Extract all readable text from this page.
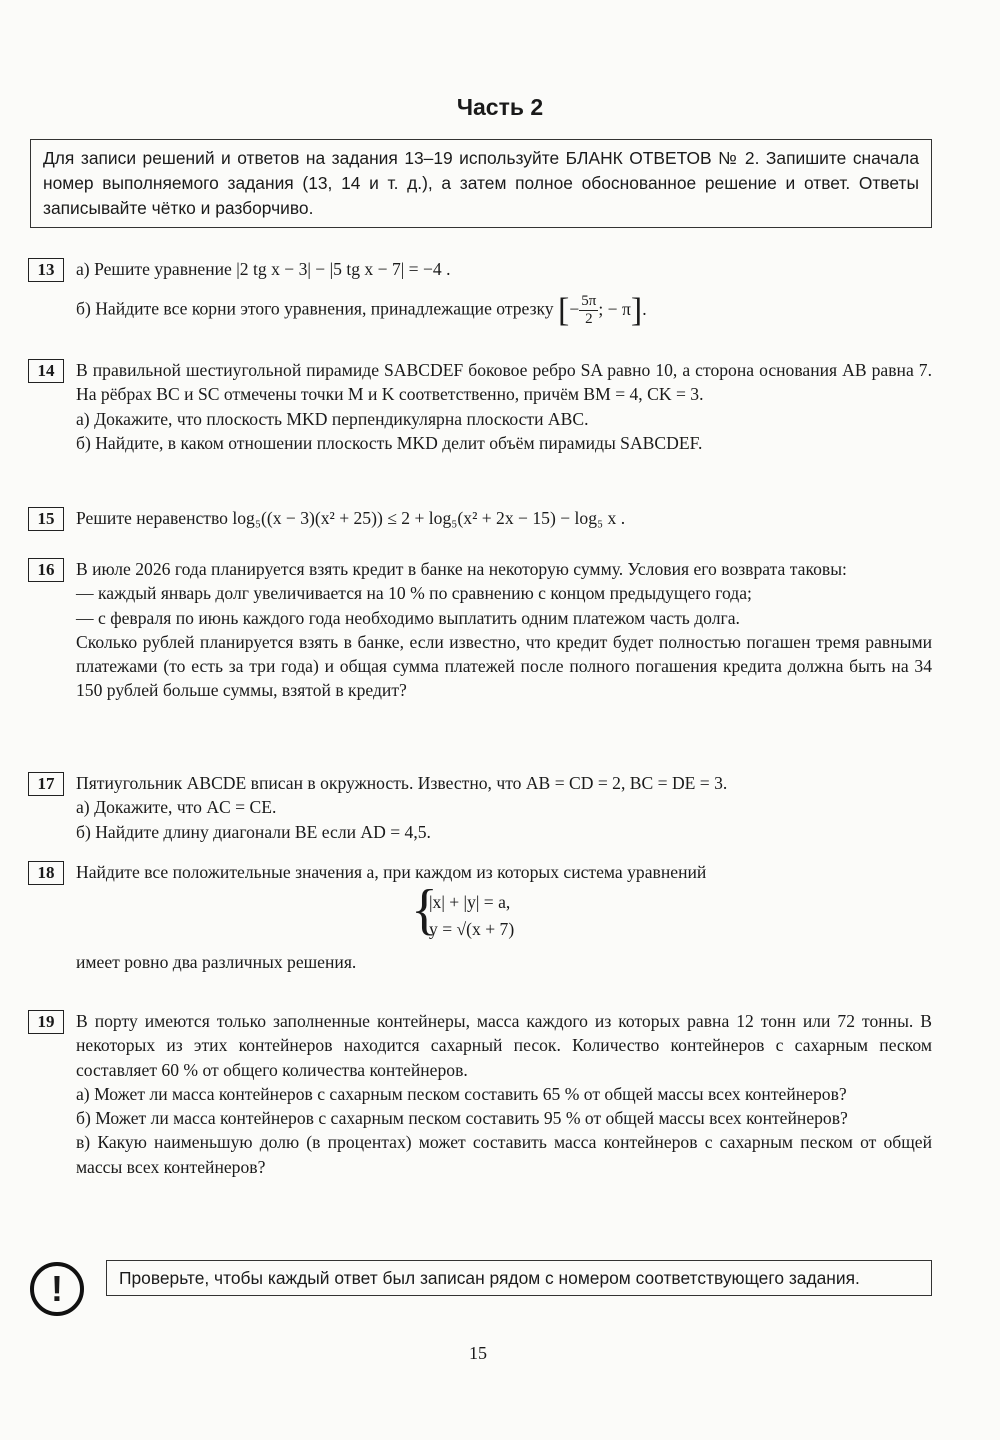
Часть 2
Для записи решений и ответов на задания 13–19 используйте БЛАНК ОТВЕТОВ № 2. Запишите сначала номер выполняемого задания (13, 14 и т. д.), а затем полное обоснованное решение и ответ. Ответы записывайте чётко и разборчиво.
13	а) Решите уравнение |2 tg x − 3| − |5 tg x − 7| = −4 .

б) Найдите все корни этого уравнения, принадлежащие отрезку [− $\frac{5\pi}{2}$ ; − π].

14	В правильной шестиугольной пирамиде SABCDEF боковое ребро SA равно 10, а сторона основания AB равна 7. На рёбрах BC и SC отмечены точки M и K соответственно, причём BM = 4, CK = 3.

а) Докажите, что плоскость MKD перпендикулярна плоскости ABC.

б) Найдите, в каком отношении плоскость MKD делит объём пирамиды SABCDEF.

15	Решите неравенство log₅((x − 3)(x² + 25)) ≤ 2 + log₅(x² + 2x − 15) − log₅ x .

16	В июле 2026 года планируется взять кредит в банке на некоторую сумму. Условия его возврата таковы:

— каждый январь долг увеличивается на 10 % по сравнению с концом предыдущего года;

— с февраля по июнь каждого года необходимо выплатить одним платежом часть долга.

Сколько рублей планируется взять в банке, если известно, что кредит будет полностью погашен тремя равными платежами (то есть за три года) и общая сумма платежей после полного погашения кредита должна быть на 34 150 рублей больше суммы, взятой в кредит?

17	Пятиугольник ABCDE вписан в окружность. Известно, что AB = CD = 2, BC = DE = 3.

а) Докажите, что AC = CE.

б) Найдите длину диагонали BE если AD = 4,5.

18	Найдите все положительные значения a, при каждом из которых система уравнений

{
|x| + |y| = a,
y = √(x + 7)

имеет ровно два различных решения.

19	В порту имеются только заполненные контейнеры, масса каждого из которых равна 12 тонн или 72 тонны. В некоторых из этих контейнеров находится сахарный песок. Количество контейнеров с сахарным песком составляет 60 % от общего количества контейнеров.

а) Может ли масса контейнеров с сахарным песком составить 65 % от общей массы всех контейнеров?

б) Может ли масса контейнеров с сахарным песком составить 95 % от общей массы всех контейнеров?

в) Какую наименьшую долю (в процентах) может составить масса контейнеров с сахарным песком от общей массы всех контейнеров?

!	Проверьте, чтобы каждый ответ был записан рядом с номером соответствующего задания.
15
